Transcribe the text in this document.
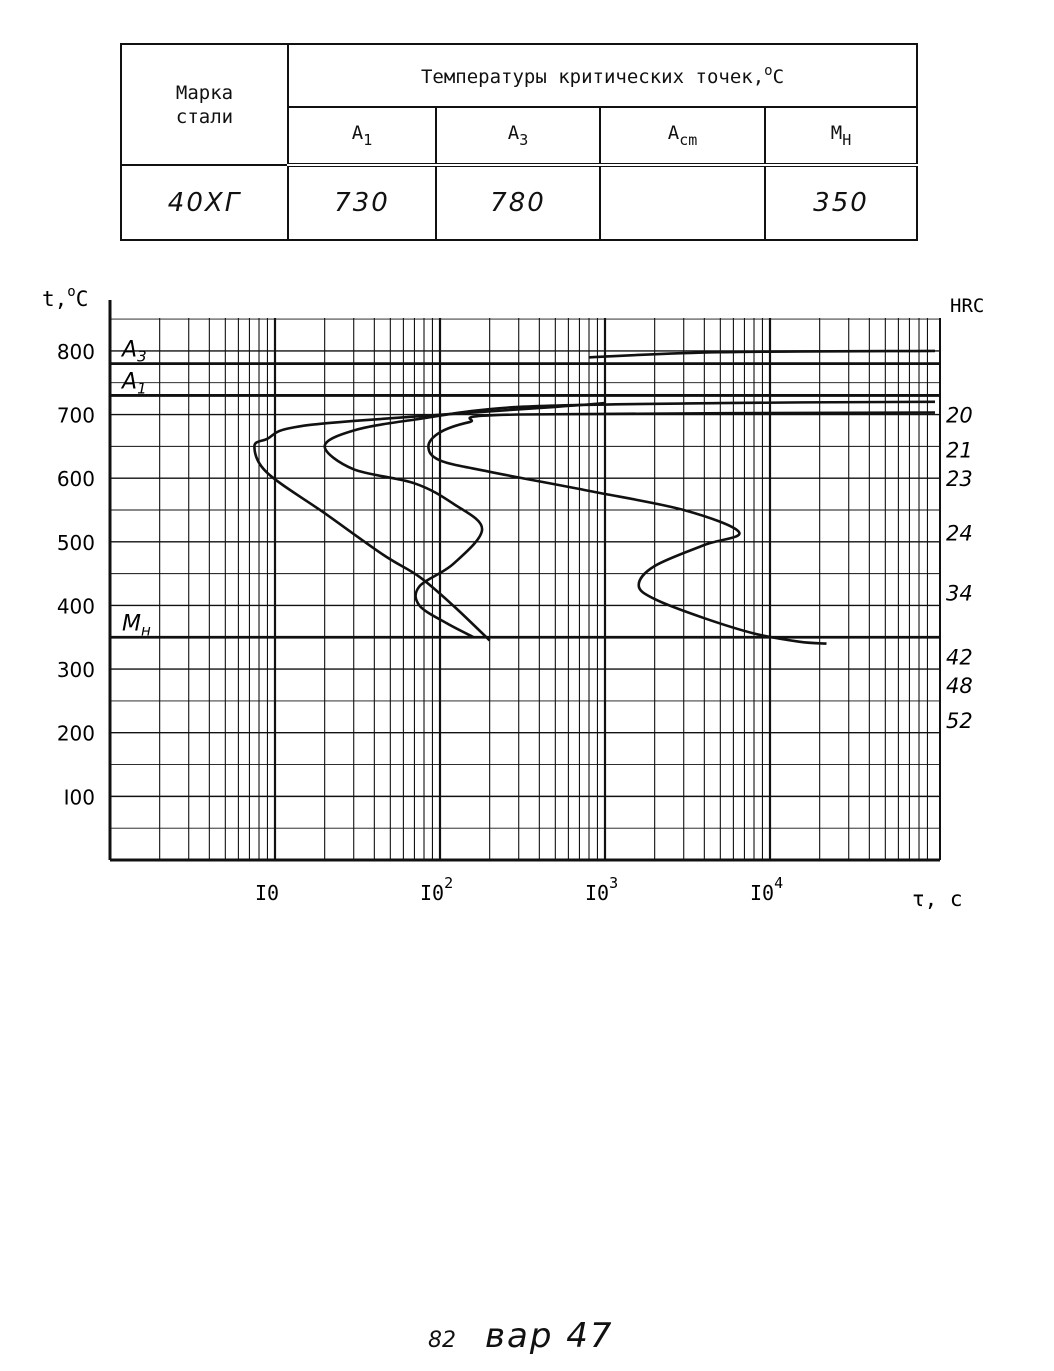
Марка стали	Температуры критических точек,$^o$C			
	$A_1$	$A_3$	$A_{cm}$	$M_H$
40ХГ	730	780		350
$A_3$
$A_1$
$M_н$
800
700
600
500
400
300
200
I00
t,$^o$C
I0	$I0^2$	$I0^3$	$I0^4$
τ, с
HRC
20
21
23
24
34
42
48
52
82 вар 47
